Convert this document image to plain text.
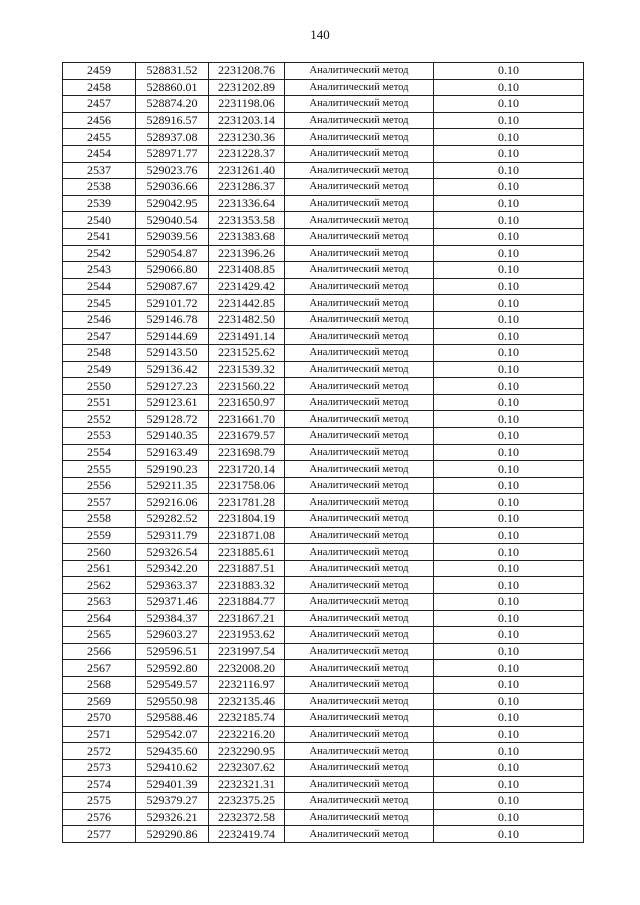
140
2459	528831.52	2231208.76	Аналитический метод	0.10
2458	528860.01	2231202.89	Аналитический метод	0.10
2457	528874.20	2231198.06	Аналитический метод	0.10
2456	528916.57	2231203.14	Аналитический метод	0.10
2455	528937.08	2231230.36	Аналитический метод	0.10
2454	528971.77	2231228.37	Аналитический метод	0.10
2537	529023.76	2231261.40	Аналитический метод	0.10
2538	529036.66	2231286.37	Аналитический метод	0.10
2539	529042.95	2231336.64	Аналитический метод	0.10
2540	529040.54	2231353.58	Аналитический метод	0.10
2541	529039.56	2231383.68	Аналитический метод	0.10
2542	529054.87	2231396.26	Аналитический метод	0.10
2543	529066.80	2231408.85	Аналитический метод	0.10
2544	529087.67	2231429.42	Аналитический метод	0.10
2545	529101.72	2231442.85	Аналитический метод	0.10
2546	529146.78	2231482.50	Аналитический метод	0.10
2547	529144.69	2231491.14	Аналитический метод	0.10
2548	529143.50	2231525.62	Аналитический метод	0.10
2549	529136.42	2231539.32	Аналитический метод	0.10
2550	529127.23	2231560.22	Аналитический метод	0.10
2551	529123.61	2231650.97	Аналитический метод	0.10
2552	529128.72	2231661.70	Аналитический метод	0.10
2553	529140.35	2231679.57	Аналитический метод	0.10
2554	529163.49	2231698.79	Аналитический метод	0.10
2555	529190.23	2231720.14	Аналитический метод	0.10
2556	529211.35	2231758.06	Аналитический метод	0.10
2557	529216.06	2231781.28	Аналитический метод	0.10
2558	529282.52	2231804.19	Аналитический метод	0.10
2559	529311.79	2231871.08	Аналитический метод	0.10
2560	529326.54	2231885.61	Аналитический метод	0.10
2561	529342.20	2231887.51	Аналитический метод	0.10
2562	529363.37	2231883.32	Аналитический метод	0.10
2563	529371.46	2231884.77	Аналитический метод	0.10
2564	529384.37	2231867.21	Аналитический метод	0.10
2565	529603.27	2231953.62	Аналитический метод	0.10
2566	529596.51	2231997.54	Аналитический метод	0.10
2567	529592.80	2232008.20	Аналитический метод	0.10
2568	529549.57	2232116.97	Аналитический метод	0.10
2569	529550.98	2232135.46	Аналитический метод	0.10
2570	529588.46	2232185.74	Аналитический метод	0.10
2571	529542.07	2232216.20	Аналитический метод	0.10
2572	529435.60	2232290.95	Аналитический метод	0.10
2573	529410.62	2232307.62	Аналитический метод	0.10
2574	529401.39	2232321.31	Аналитический метод	0.10
2575	529379.27	2232375.25	Аналитический метод	0.10
2576	529326.21	2232372.58	Аналитический метод	0.10
2577	529290.86	2232419.74	Аналитический метод	0.10
